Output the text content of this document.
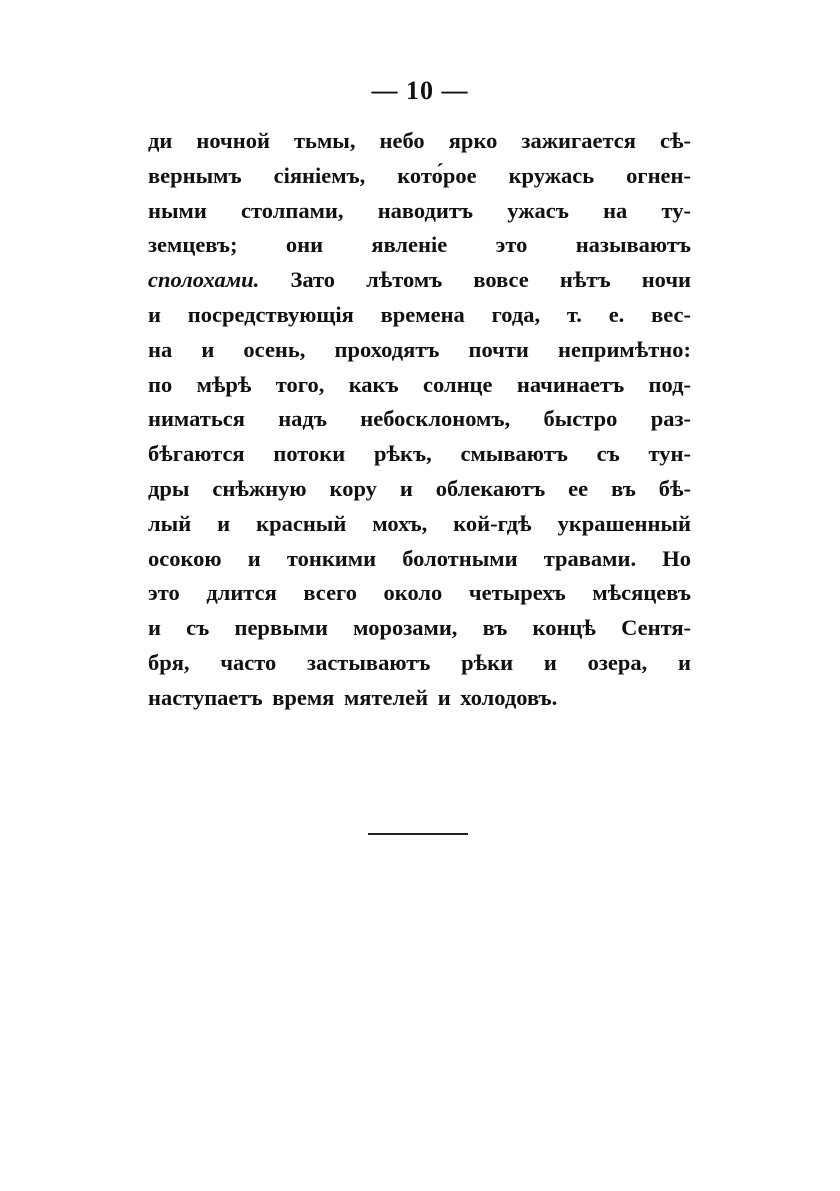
— 10 —
ди ночной тьмы, небо ярко зажигается сѣ-
вернымъ сіяніемъ, кото́рое кружась огнен-
ными столпами, наводитъ ужасъ на ту-
земцевъ; они явленіе это называютъ
сполохами. Зато лѣтомъ вовсе нѣтъ ночи
и посредствующія времена года, т. е. вес-
на и осень, проходятъ почти непримѣтно:
по мѣрѣ того, какъ солнце начинаетъ под-
ниматься надъ небосклономъ, быстро раз-
бѣгаются потоки рѣкъ, смываютъ съ тун-
дры снѣжную кору и облекаютъ ее въ бѣ-
лый и красный мохъ, кой-гдѣ украшенный
осокою и тонкими болотными травами. Но
это длится всего около четырехъ мѣсяцевъ
и съ первыми морозами, въ концѣ Сентя-
бря, часто застываютъ рѣки и озера, и
наступаетъ время мятелей и холодовъ.
